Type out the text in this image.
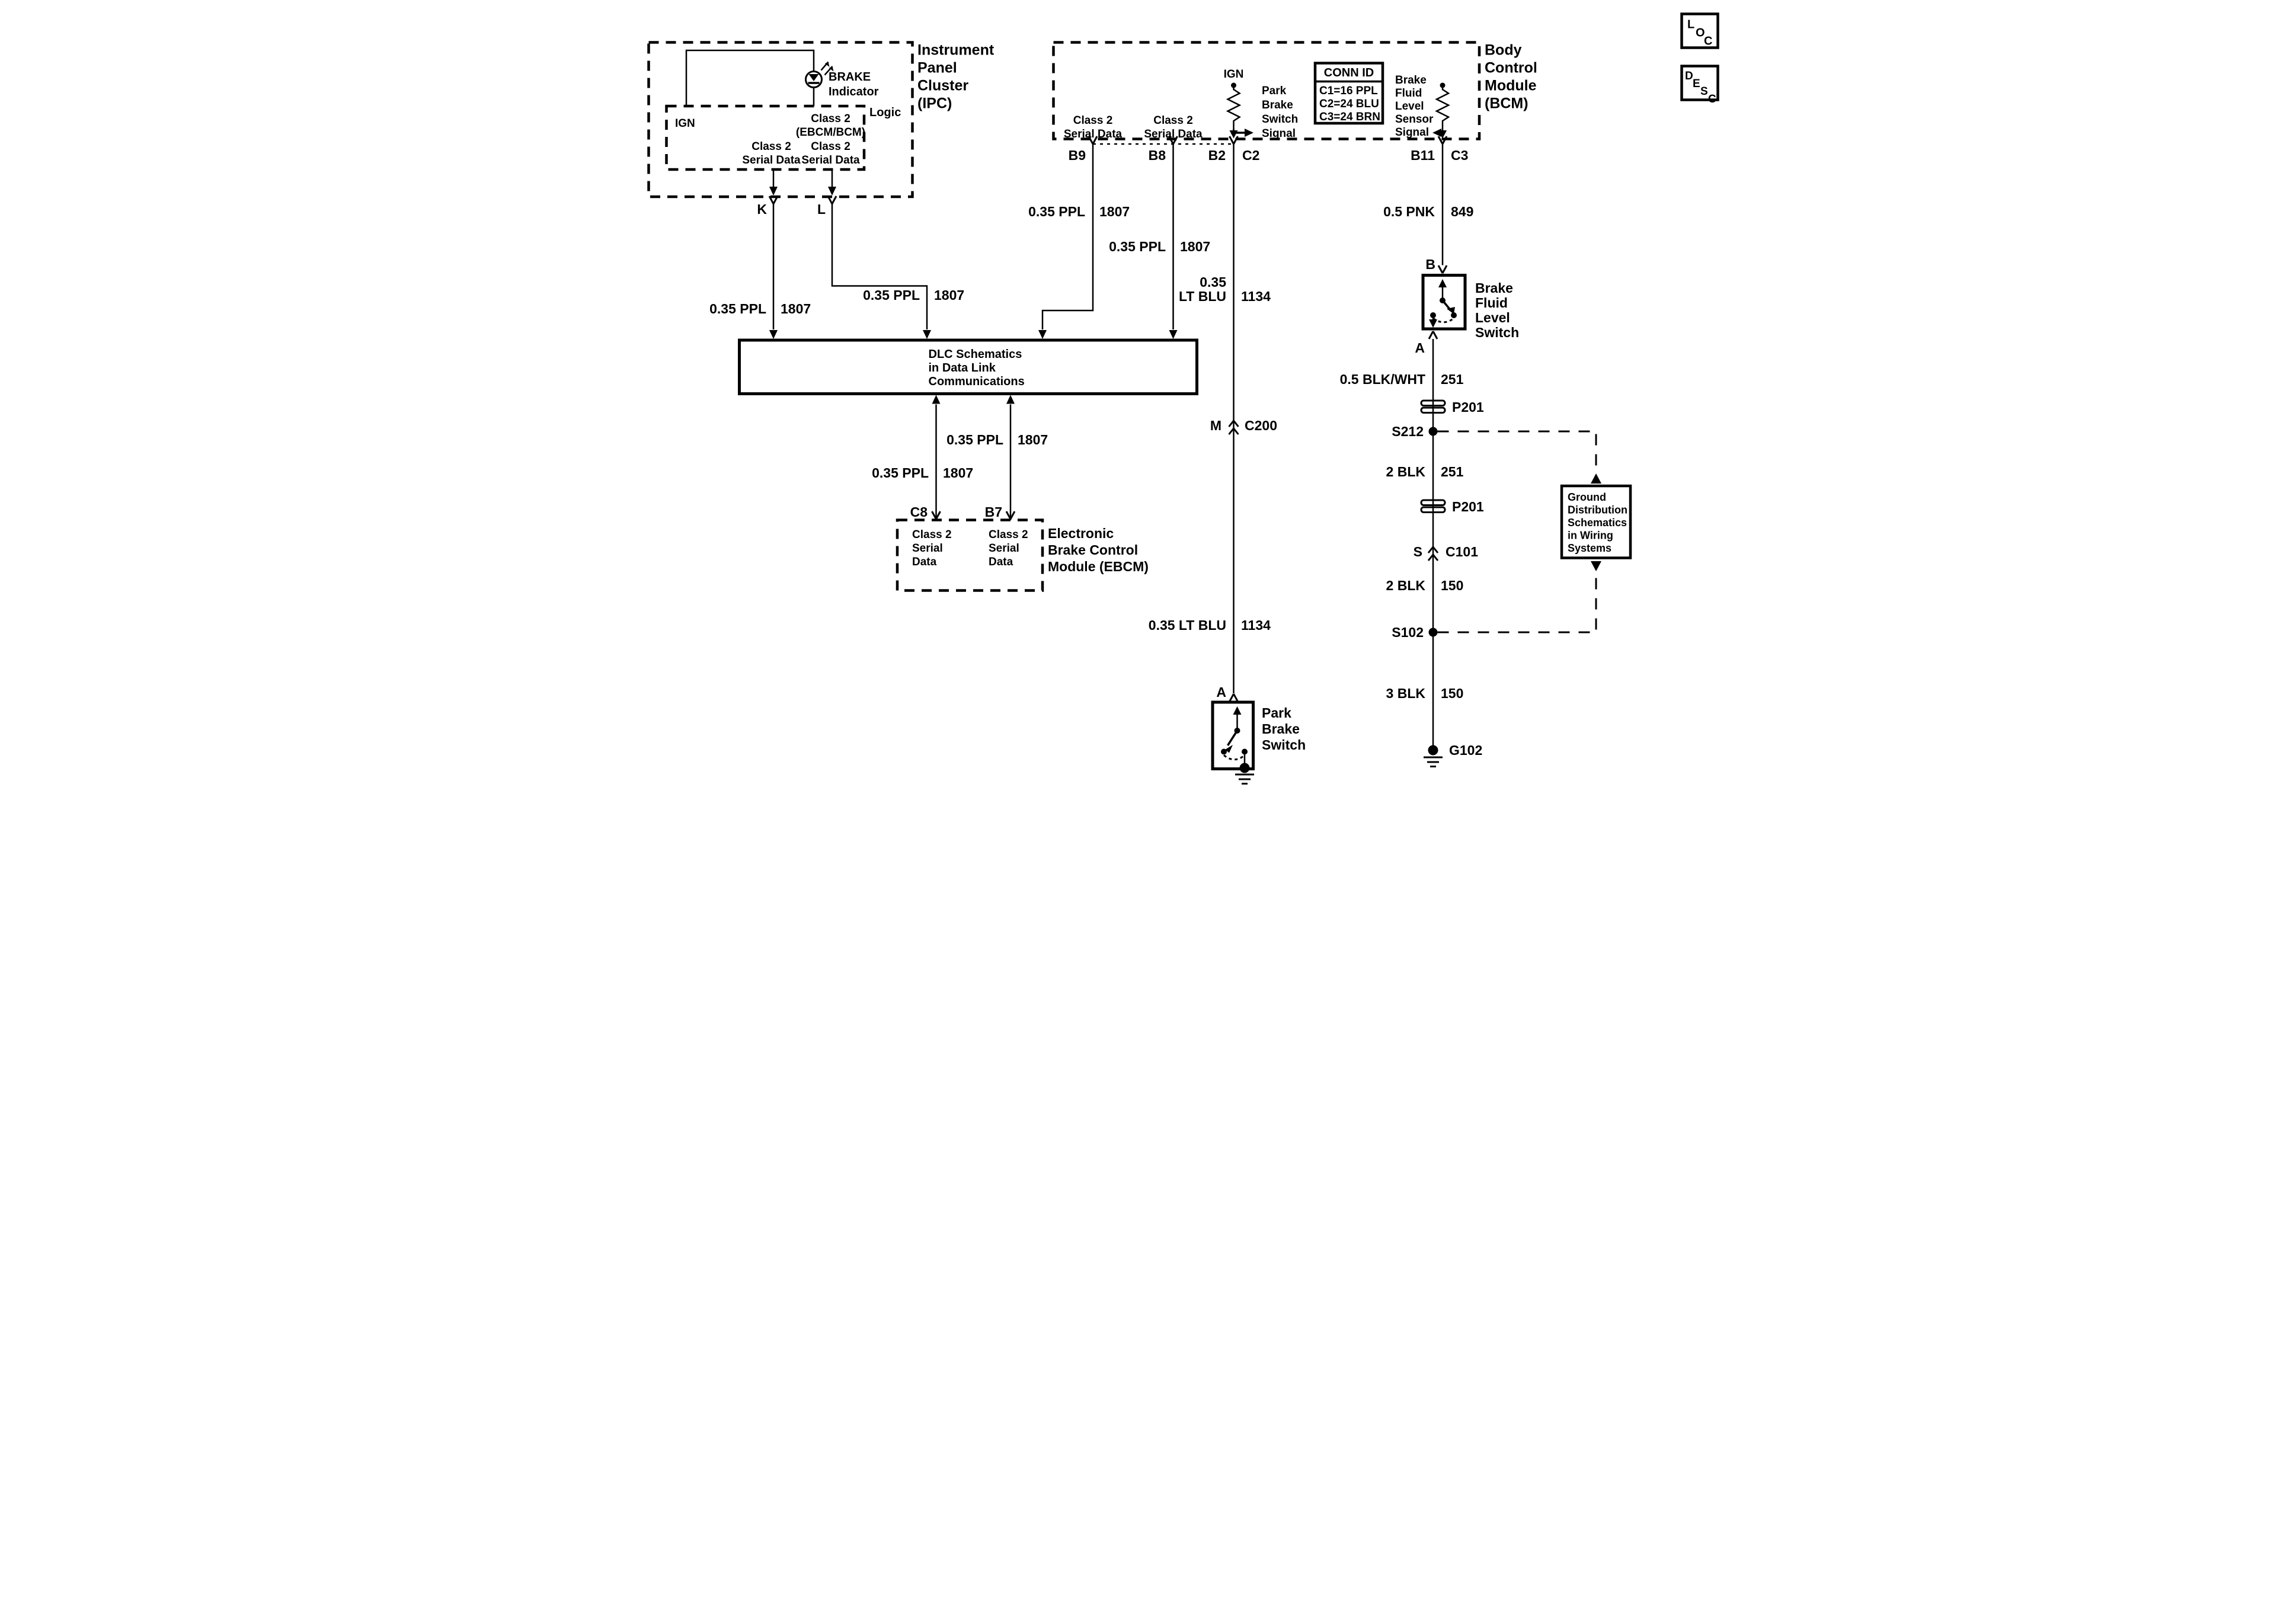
Instrument
Panel
Cluster
(IPC)
BRAKE
Indicator
Logic
IGN	Class 2
(EBCM/BCM)
Class 2 Class 2
Serial Data Serial Data
K L
0.35 PPL 1807
0.35 PPL 1807
Body
Control
Module
(BCM)
Class 2
Serial Data
Class 2
Serial Data
IGN
Park
Brake
Switch
Signal
CONN ID
C1=16 PPL
C2=24 BLU
C3=24 BRN
Brake
Fluid
Level
Sensor
Signal
B9 B8 B2 C2	B11 C3
0.35 PPL 1807
0.35 PPL 1807
DLC Schematics
in Data Link
Communications
0.35 PPL 1807
0.35 PPL 1807
C8 B7
Class 2
Serial
Data
Class 2
Serial
Data
Electronic
Brake Control
Module (EBCM)
0.35
LT BLU 1134
M C200
0.35 LT BLU 1134
A
Park
Brake
Switch
0.5 PNK 849
B
Brake
Fluid
Level
Switch
A
0.5 BLK/WHT 251
P201
S212
2 BLK 251
P201
S C101
2 BLK 150
S102
3 BLK 150
G102
Ground
Distribution
Schematics
in Wiring
Systems
L
O
C
D
E
S
C
